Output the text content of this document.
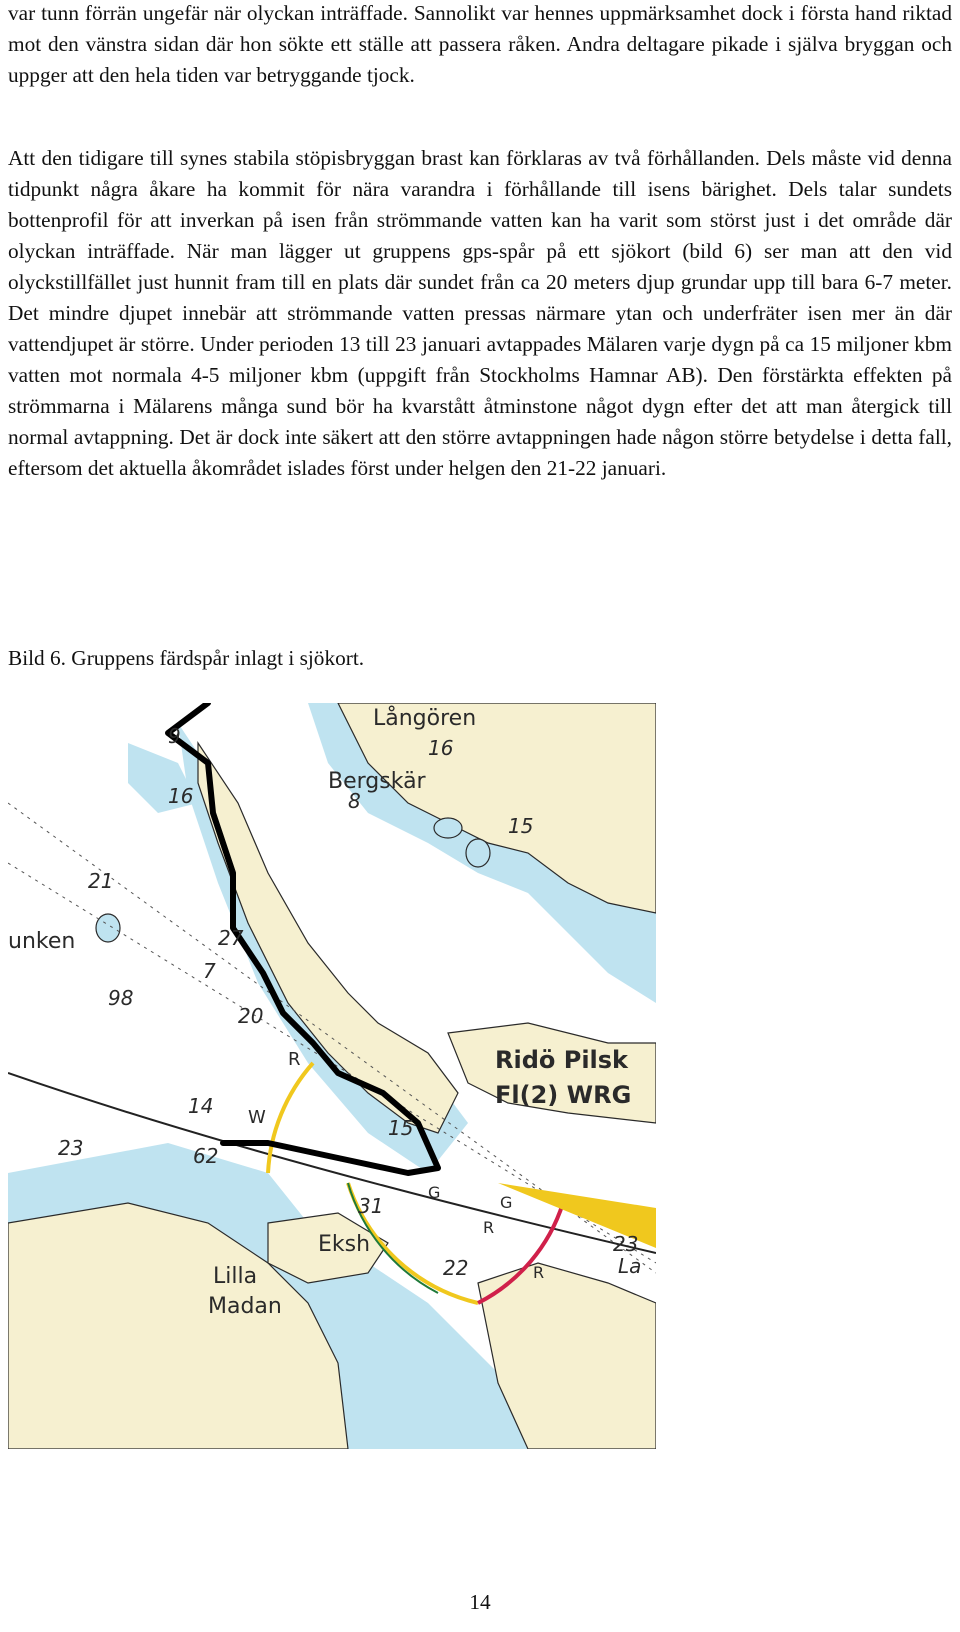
var tunn förrän ungefär när olyckan inträffade. Sannolikt var hennes uppmärksamhet dock i första hand riktad mot den vänstra sidan där hon sökte ett ställe att passera råken. Andra deltagare pikade i själva bryggan och uppger att den hela tiden var betryggande tjock.

Att den tidigare till synes stabila stöpisbryggan brast kan förklaras av två förhållanden. Dels måste vid denna tidpunkt några åkare ha kommit för nära varandra i förhållande till isens bärighet. Dels talar sundets bottenprofil för att inverkan på isen från strömmande vatten kan ha varit som störst just i det område där olyckan inträffade. När man lägger ut gruppens gps-spår på ett sjökort (bild 6) ser man att den vid olyckstillfället just hunnit fram till en plats där sundet från ca 20 meters djup grundar upp till bara 6-7 meter. Det mindre djupet innebär att strömmande vatten pressas närmare ytan och underfräter isen mer än där vattendjupet är större. Under perioden 13 till 23 januari avtappades Mälaren varje dygn på ca 15 miljoner kbm vatten mot normala 4-5 miljoner kbm (uppgift från Stockholms Hamnar AB). Den förstärkta effekten på strömmarna i Mälarens många sund bör ha kvarstått åtminstone något dygn efter det att man återgick till normal avtappning. Det är dock inte säkert att den större avtappningen hade någon större betydelse i detta fall, eftersom det aktuella åkområdet islades först under helgen den 21-22 januari.

Bild 6. Gruppens färdspår inlagt i sjökort.

Långören
Bergskär
unken
Ridö Pilsk
Fl(2) WRG
Eksh
Lilla
Madan
La
16
9
16	8
15
21
27
7
98
20
14
15
62
23
31
22
23
R
W
G
G
R
R
14
